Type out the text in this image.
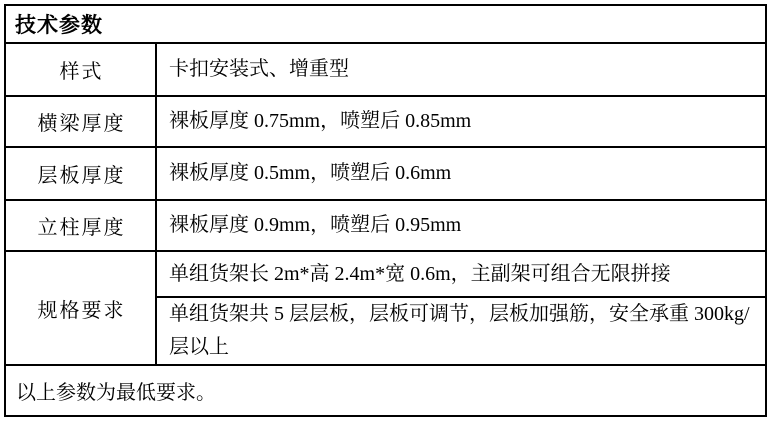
技术参数	
样式	卡扣安装式、增重型
横梁厚度	裸板厚度 0.75mm，喷塑后 0.85mm
层板厚度	裸板厚度 0.5mm，喷塑后 0.6mm
立柱厚度	裸板厚度 0.9mm，喷塑后 0.95mm
规格要求	单组货架长 2m*高 2.4m*宽 0.6m，主副架可组合无限拼接
	单组货架共 5 层层板，层板可调节，层板加强筋，安全承重 300kg/层以上
以上参数为最低要求。	
